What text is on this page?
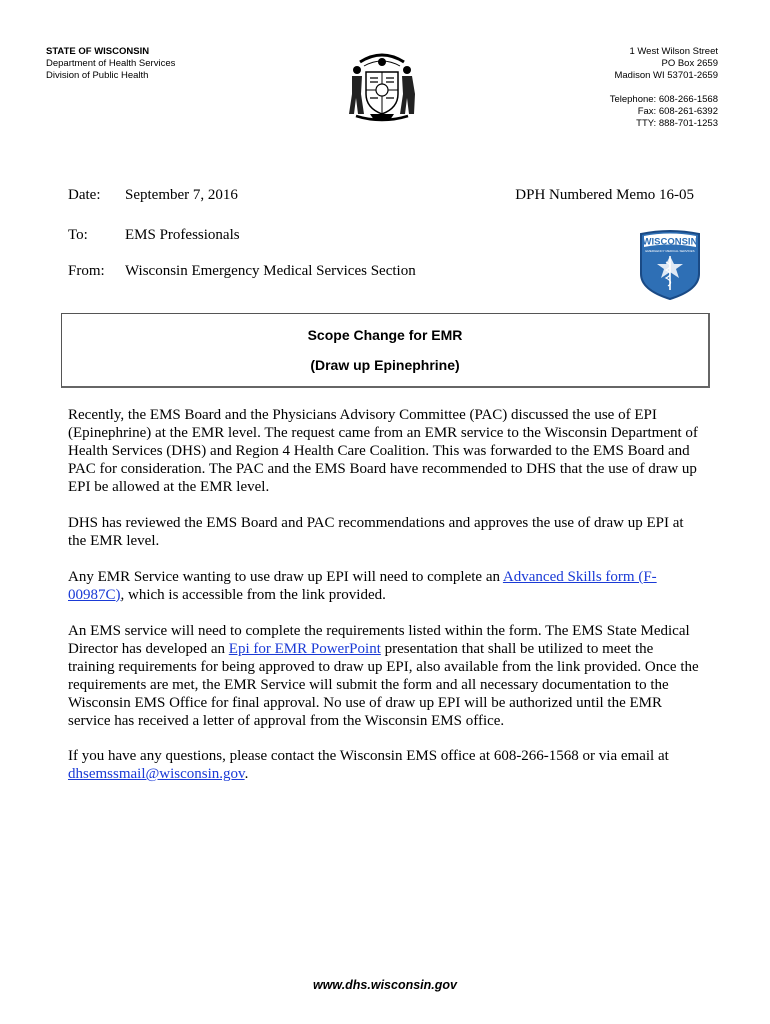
STATE OF WISCONSIN
Department of Health Services
Division of Public Health
1 West Wilson Street
PO Box 2659
Madison WI 53701-2659
Telephone: 608-266-1568
Fax: 608-261-6392
TTY: 888-701-1253
Date: September 7, 2016	DPH Numbered Memo 16-05
To: EMS Professionals
From: Wisconsin Emergency Medical Services Section
WISCONSIN
EMERGENCY MEDICAL SERVICES
Scope Change for EMR
(Draw up Epinephrine)

Recently, the EMS Board and the Physicians Advisory Committee (PAC) discussed the use of EPI (Epinephrine) at the EMR level. The request came from an EMR service to the Wisconsin Department of Health Services (DHS) and Region 4 Health Care Coalition. This was forwarded to the EMS Board and PAC for consideration. The PAC and the EMS Board have recommended to DHS that the use of draw up EPI be allowed at the EMR level.

DHS has reviewed the EMS Board and PAC recommendations and approves the use of draw up EPI at the EMR level.

Any EMR Service wanting to use draw up EPI will need to complete an Advanced Skills form (F-00987C), which is accessible from the link provided.

An EMS service will need to complete the requirements listed within the form. The EMS State Medical Director has developed an Epi for EMR PowerPoint presentation that shall be utilized to meet the training requirements for being approved to draw up EPI, also available from the link provided. Once the requirements are met, the EMR Service will submit the form and all necessary documentation to the Wisconsin EMS Office for final approval. No use of draw up EPI will be authorized until the EMR service has received a letter of approval from the Wisconsin EMS office.

If you have any questions, please contact the Wisconsin EMS office at 608-266-1568 or via email at dhsemssmail@wisconsin.gov.

www.dhs.wisconsin.gov
